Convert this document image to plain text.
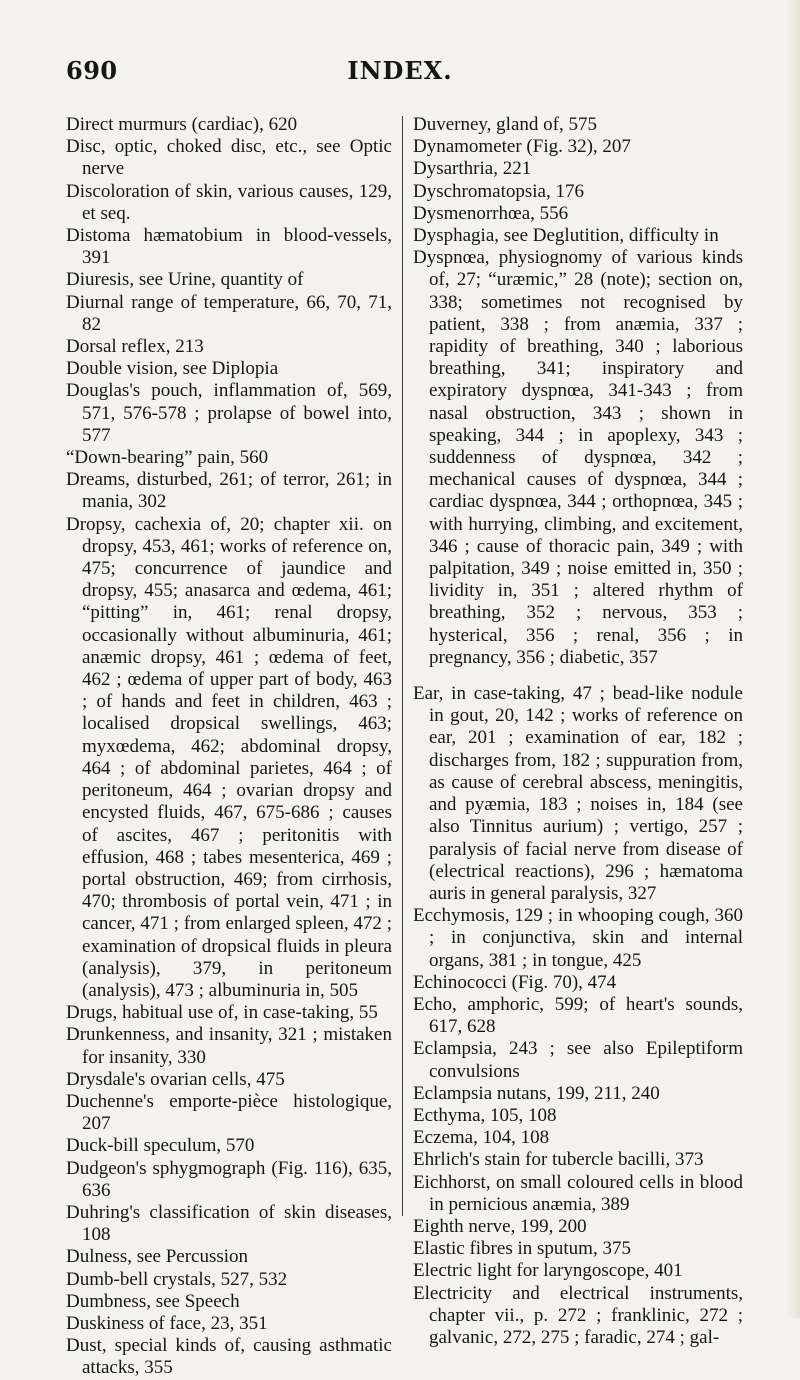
690	INDEX.

Direct murmurs (cardiac), 620

Disc, optic, choked disc, etc., see Optic nerve

Discoloration of skin, various causes, 129, et seq.

Distoma hæmatobium in blood-vessels, 391

Diuresis, see Urine, quantity of

Diurnal range of temperature, 66, 70, 71, 82

Dorsal reflex, 213

Double vision, see Diplopia

Douglas's pouch, inflammation of, 569, 571, 576-578 ; prolapse of bowel into, 577

“Down-bearing” pain, 560

Dreams, disturbed, 261; of terror, 261; in mania, 302

Dropsy, cachexia of, 20; chapter xii. on dropsy, 453, 461; works of reference on, 475; concurrence of jaundice and dropsy, 455; anasarca and œdema, 461; “pitting” in, 461; renal dropsy, occasionally without albuminuria, 461; anæmic dropsy, 461 ; œdema of feet, 462 ; œdema of upper part of body, 463 ; of hands and feet in children, 463 ; localised dropsical swellings, 463; myxœdema, 462; abdominal dropsy, 464 ; of abdominal parietes, 464 ; of peritoneum, 464 ; ovarian dropsy and encysted fluids, 467, 675-686 ; causes of ascites, 467 ; peritonitis with effusion, 468 ; tabes mesenterica, 469 ; portal obstruction, 469; from cirrhosis, 470; thrombosis of portal vein, 471 ; in cancer, 471 ; from enlarged spleen, 472 ; examination of dropsical fluids in pleura (analysis), 379, in peritoneum (analysis), 473 ; albuminuria in, 505

Drugs, habitual use of, in case-taking, 55

Drunkenness, and insanity, 321 ; mistaken for insanity, 330

Drysdale's ovarian cells, 475

Duchenne's emporte-pièce histologique, 207

Duck-bill speculum, 570

Dudgeon's sphygmograph (Fig. 116), 635, 636

Duhring's classification of skin diseases, 108

Dulness, see Percussion

Dumb-bell crystals, 527, 532

Dumbness, see Speech

Duskiness of face, 23, 351

Dust, special kinds of, causing asthmatic attacks, 355

Duverney, gland of, 575

Dynamometer (Fig. 32), 207

Dysarthria, 221

Dyschromatopsia, 176

Dysmenorrhœa, 556

Dysphagia, see Deglutition, difficulty in

Dyspnœa, physiognomy of various kinds of, 27; “uræmic,” 28 (note); section on, 338; sometimes not recognised by patient, 338 ; from anæmia, 337 ; rapidity of breathing, 340 ; laborious breathing, 341; inspiratory and expiratory dyspnœa, 341-343 ; from nasal obstruction, 343 ; shown in speaking, 344 ; in apoplexy, 343 ; suddenness of dyspnœa, 342 ; mechanical causes of dyspnœa, 344 ; cardiac dyspnœa, 344 ; orthopnœa, 345 ; with hurrying, climbing, and excitement, 346 ; cause of thoracic pain, 349 ; with palpitation, 349 ; noise emitted in, 350 ; lividity in, 351 ; altered rhythm of breathing, 352 ; nervous, 353 ; hysterical, 356 ; renal, 356 ; in pregnancy, 356 ; diabetic, 357

Ear, in case-taking, 47 ; bead-like nodule in gout, 20, 142 ; works of reference on ear, 201 ; examination of ear, 182 ; discharges from, 182 ; suppuration from, as cause of cerebral abscess, meningitis, and pyæmia, 183 ; noises in, 184 (see also Tinnitus aurium) ; vertigo, 257 ; paralysis of facial nerve from disease of (electrical reactions), 296 ; hæmatoma auris in general paralysis, 327

Ecchymosis, 129 ; in whooping cough, 360 ; in conjunctiva, skin and internal organs, 381 ; in tongue, 425

Echinococci (Fig. 70), 474

Echo, amphoric, 599; of heart's sounds, 617, 628

Eclampsia, 243 ; see also Epileptiform convulsions

Eclampsia nutans, 199, 211, 240

Ecthyma, 105, 108

Eczema, 104, 108

Ehrlich's stain for tubercle bacilli, 373

Eichhorst, on small coloured cells in blood in pernicious anæmia, 389

Eighth nerve, 199, 200

Elastic fibres in sputum, 375

Electric light for laryngoscope, 401

Electricity and electrical instruments, chapter vii., p. 272 ; franklinic, 272 ; galvanic, 272, 275 ; faradic, 274 ; gal-
